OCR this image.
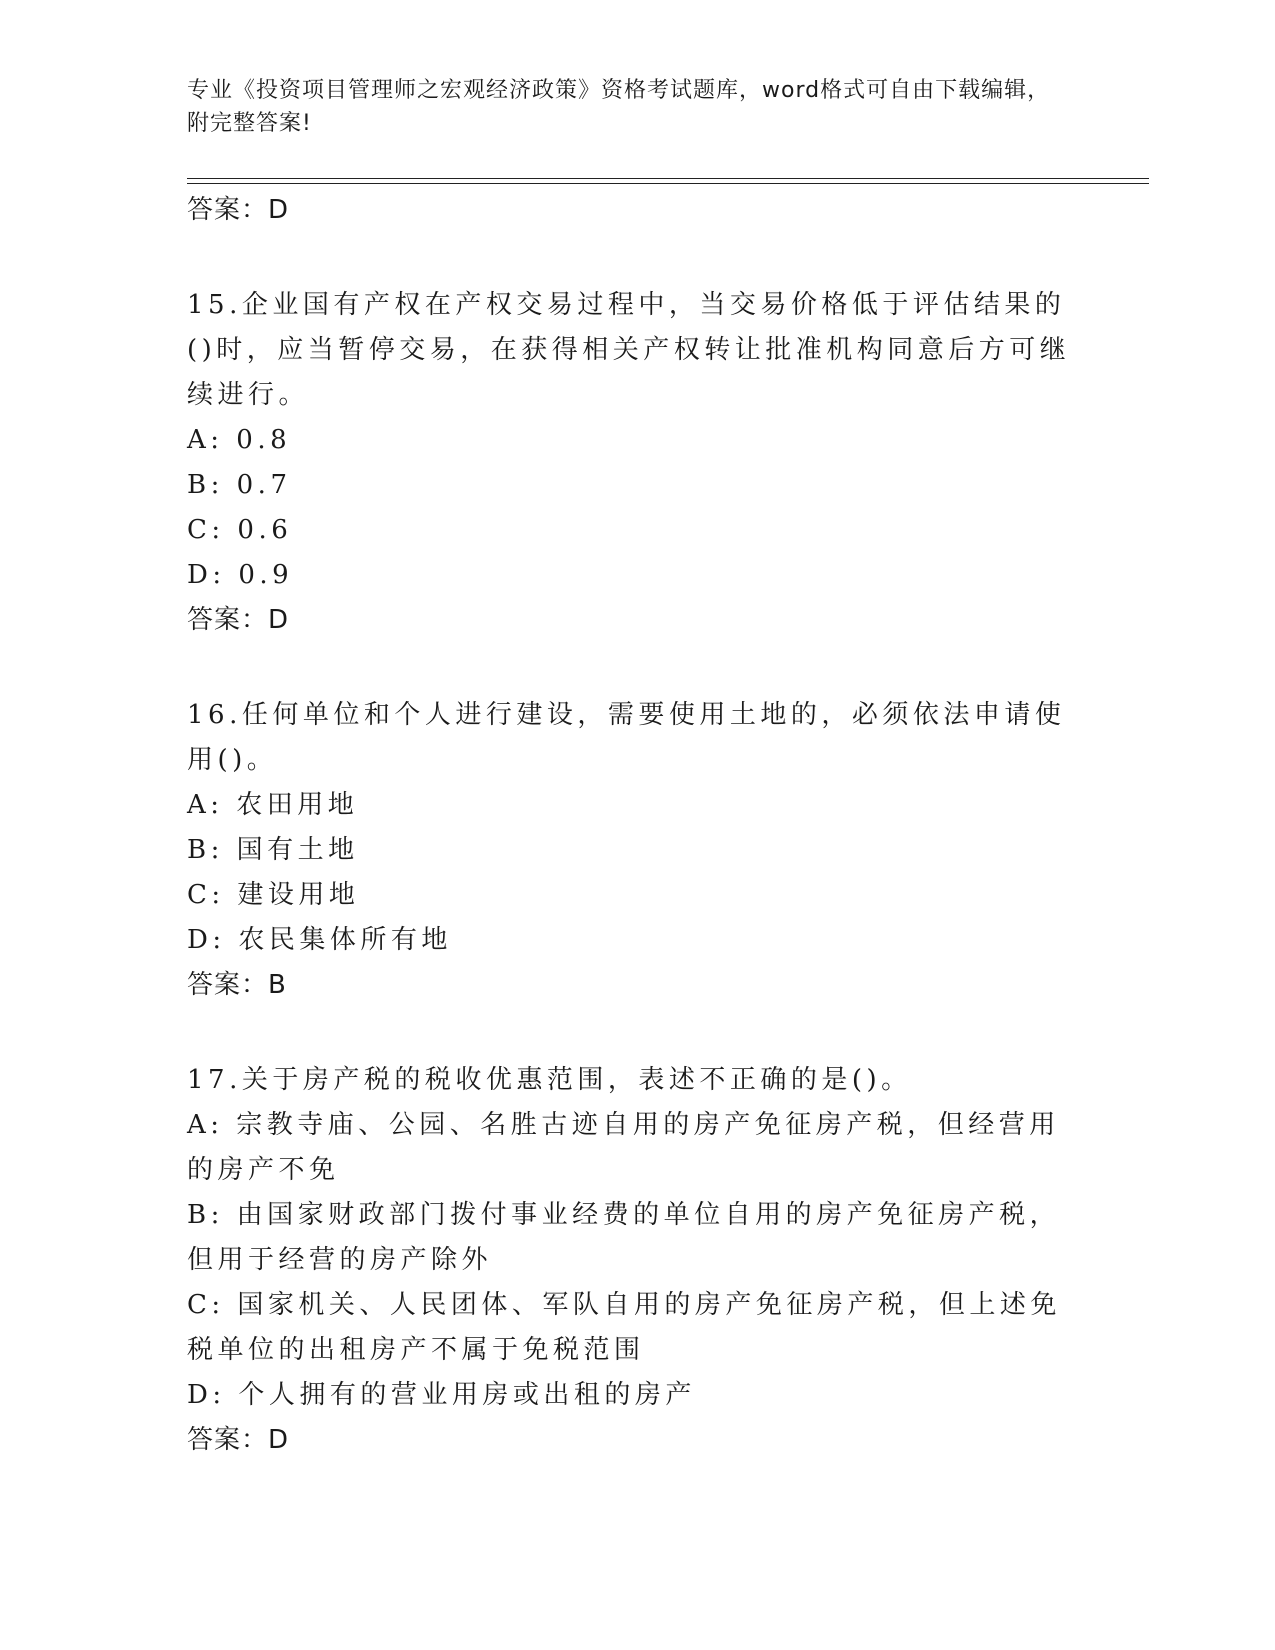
专业《投资项目管理师之宏观经济政策》资格考试题库，word格式可自由下载编辑，附完整答案!
答案：D

15.企业国有产权在产权交易过程中，当交易价格低于评估结果的()时，应当暂停交易，在获得相关产权转让批准机构同意后方可继续进行。

A: 0.8

B: 0.7

C: 0.6

D: 0.9

答案：D

16.任何单位和个人进行建设，需要使用土地的，必须依法申请使用()。

A: 农田用地

B: 国有土地

C: 建设用地

D: 农民集体所有地

答案：B

17.关于房产税的税收优惠范围，表述不正确的是()。

A: 宗教寺庙、公园、名胜古迹自用的房产免征房产税，但经营用的房产不免

B: 由国家财政部门拨付事业经费的单位自用的房产免征房产税，但用于经营的房产除外

C: 国家机关、人民团体、军队自用的房产免征房产税，但上述免税单位的出租房产不属于免税范围

D: 个人拥有的营业用房或出租的房产

答案：D
